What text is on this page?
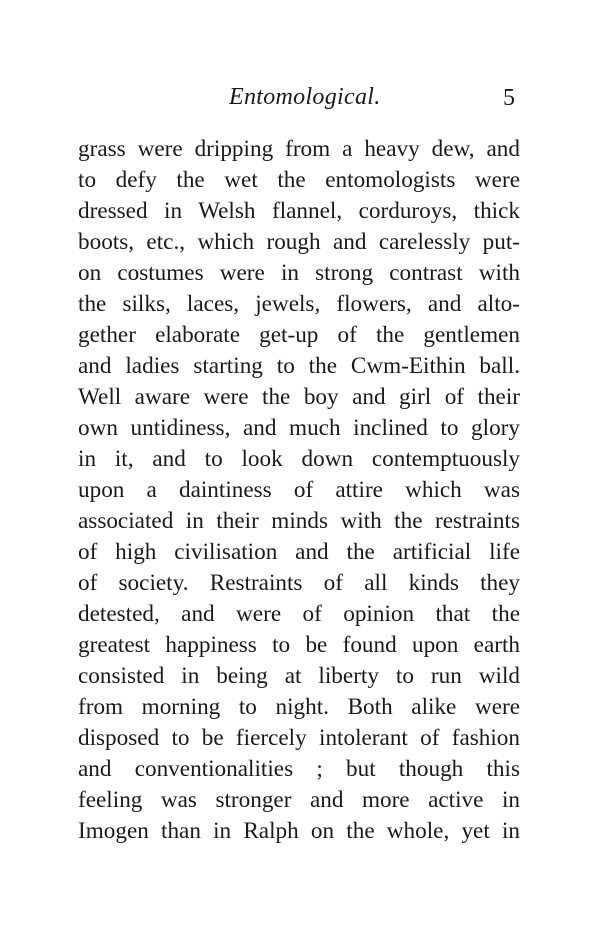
Entomological.	5
grass were dripping from a heavy dew, and
to defy the wet the entomologists were
dressed in Welsh flannel, corduroys, thick
boots, etc., which rough and carelessly put-
on costumes were in strong contrast with
the silks, laces, jewels, flowers, and alto-
gether elaborate get-up of the gentlemen
and ladies starting to the Cwm-Eithin ball.
Well aware were the boy and girl of their
own untidiness, and much inclined to glory
in it, and to look down contemptuously
upon a daintiness of attire which was
associated in their minds with the restraints
of high civilisation and the artificial life
of society. Restraints of all kinds they
detested, and were of opinion that the
greatest happiness to be found upon earth
consisted in being at liberty to run wild
from morning to night. Both alike were
disposed to be fiercely intolerant of fashion
and conventionalities ; but though this
feeling was stronger and more active in
Imogen than in Ralph on the whole, yet in
